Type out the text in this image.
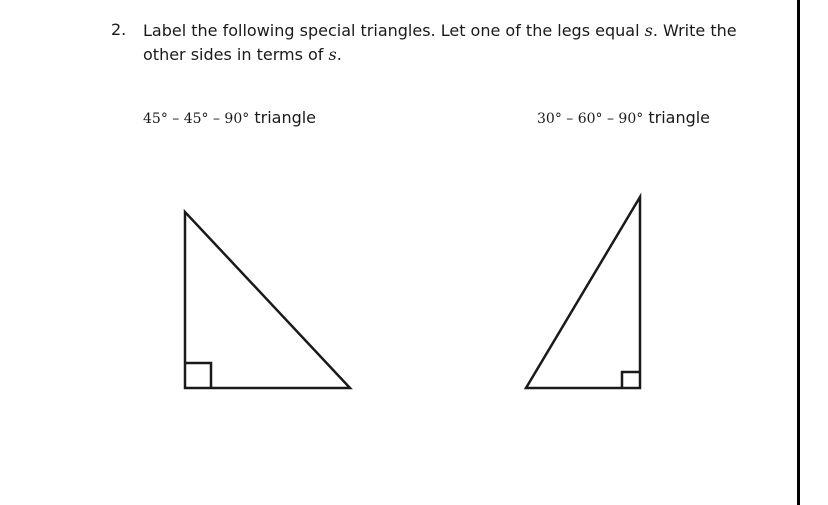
2. Label the following special triangles. Let one of the legs equal s. Write the
other sides in terms of s.
45° – 45° – 90° triangle	30° – 60° – 90° triangle
